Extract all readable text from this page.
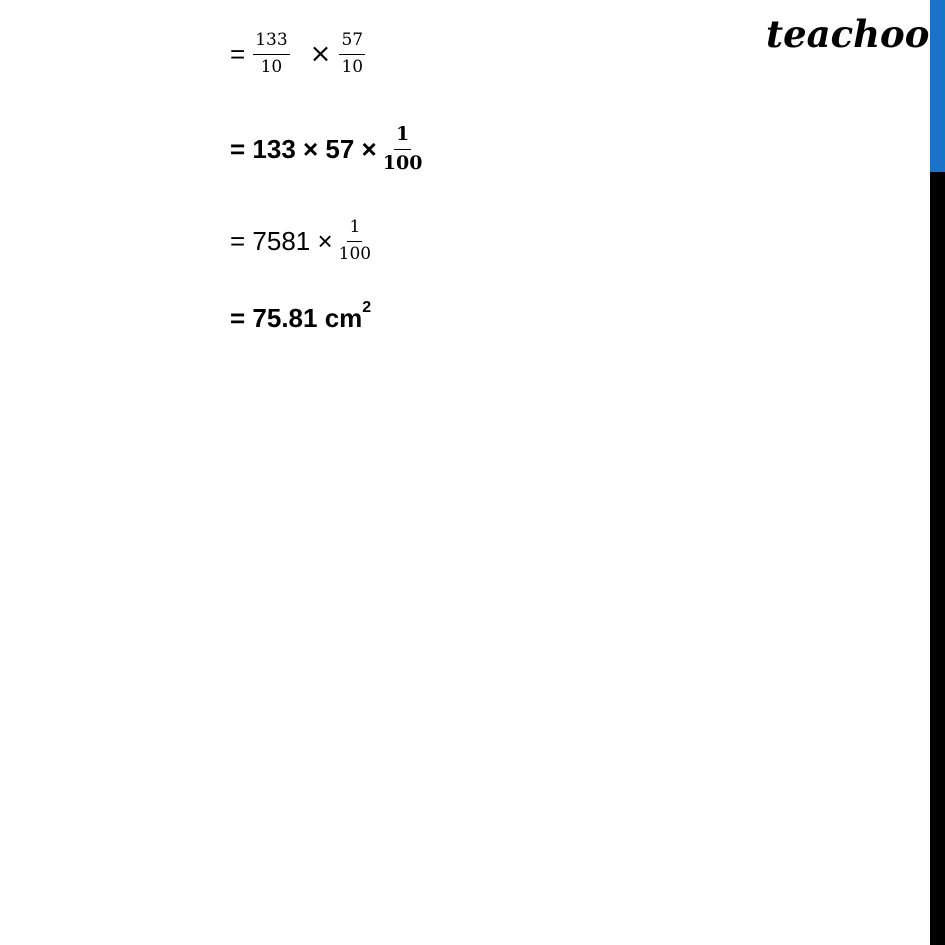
teachoo
= $\frac{133}{10} \times \frac{57}{10}$
= $133 \times 57 \times \frac{1}{100}$
= $7581 \times \frac{1}{100}$
= 75.81 $cm^2$
